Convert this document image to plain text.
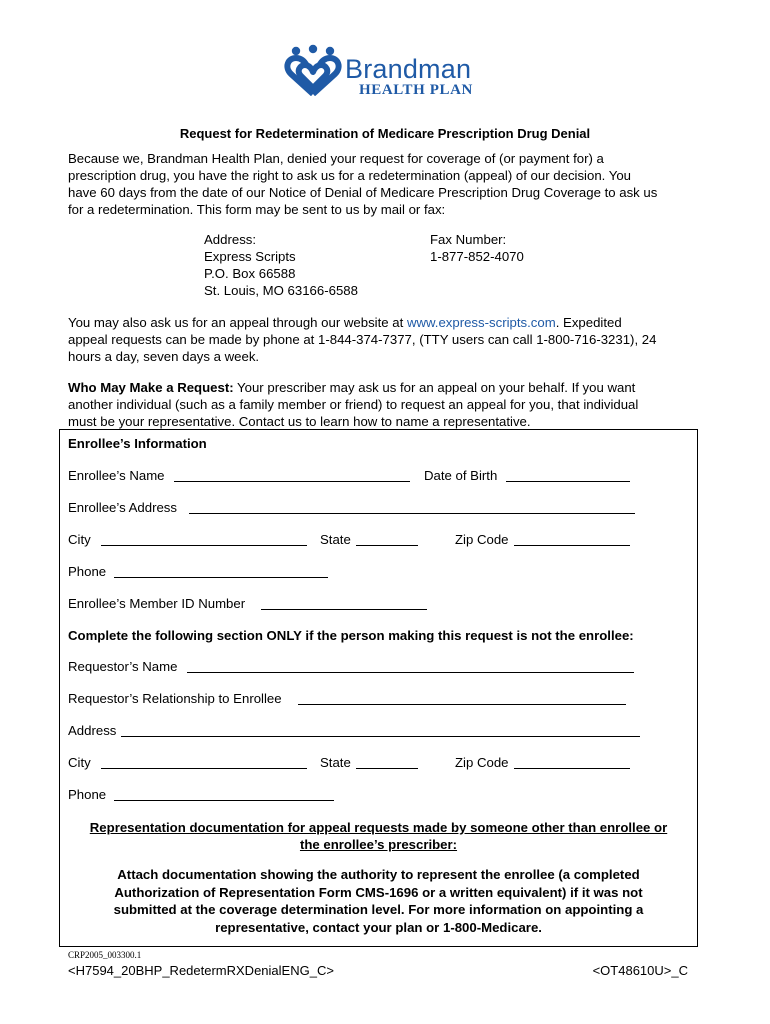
Brandman
HEALTH PLAN
Request for Redetermination of Medicare Prescription Drug Denial
Because we, Brandman Health Plan, denied your request for coverage of (or payment for) a
prescription drug, you have the right to ask us for a redetermination (appeal) of our decision. You
have 60 days from the date of our Notice of Denial of Medicare Prescription Drug Coverage to ask us
for a redetermination. This form may be sent to us by mail or fax:
Address:
Express Scripts
P.O. Box 66588
St. Louis, MO 63166-6588
Fax Number:
1-877-852-4070
You may also ask us for an appeal through our website at www.express-scripts.com. Expedited
appeal requests can be made by phone at 1-844-374-7377, (TTY users can call 1-800-716-3231), 24
hours a day, seven days a week.
Who May Make a Request: Your prescriber may ask us for an appeal on your behalf. If you want
another individual (such as a family member or friend) to request an appeal for you, that individual
must be your representative. Contact us to learn how to name a representative.
Enrollee’s Information
Enrollee’s Name	Date of Birth
Enrollee’s Address
City	State	Zip Code
Phone
Enrollee’s Member ID Number
Complete the following section ONLY if the person making this request is not the enrollee:
Requestor’s Name
Requestor’s Relationship to Enrollee
Address
City	State	Zip Code
Phone
Representation documentation for appeal requests made by someone other than enrollee or
the enrollee’s prescriber:
Attach documentation showing the authority to represent the enrollee (a completed
Authorization of Representation Form CMS-1696 or a written equivalent) if it was not
submitted at the coverage determination level. For more information on appointing a
representative, contact your plan or 1-800-Medicare.
CRP2005_003300.1
<H7594_20BHP_RedetermRXDenialENG_C>	<OT48610U>_C
